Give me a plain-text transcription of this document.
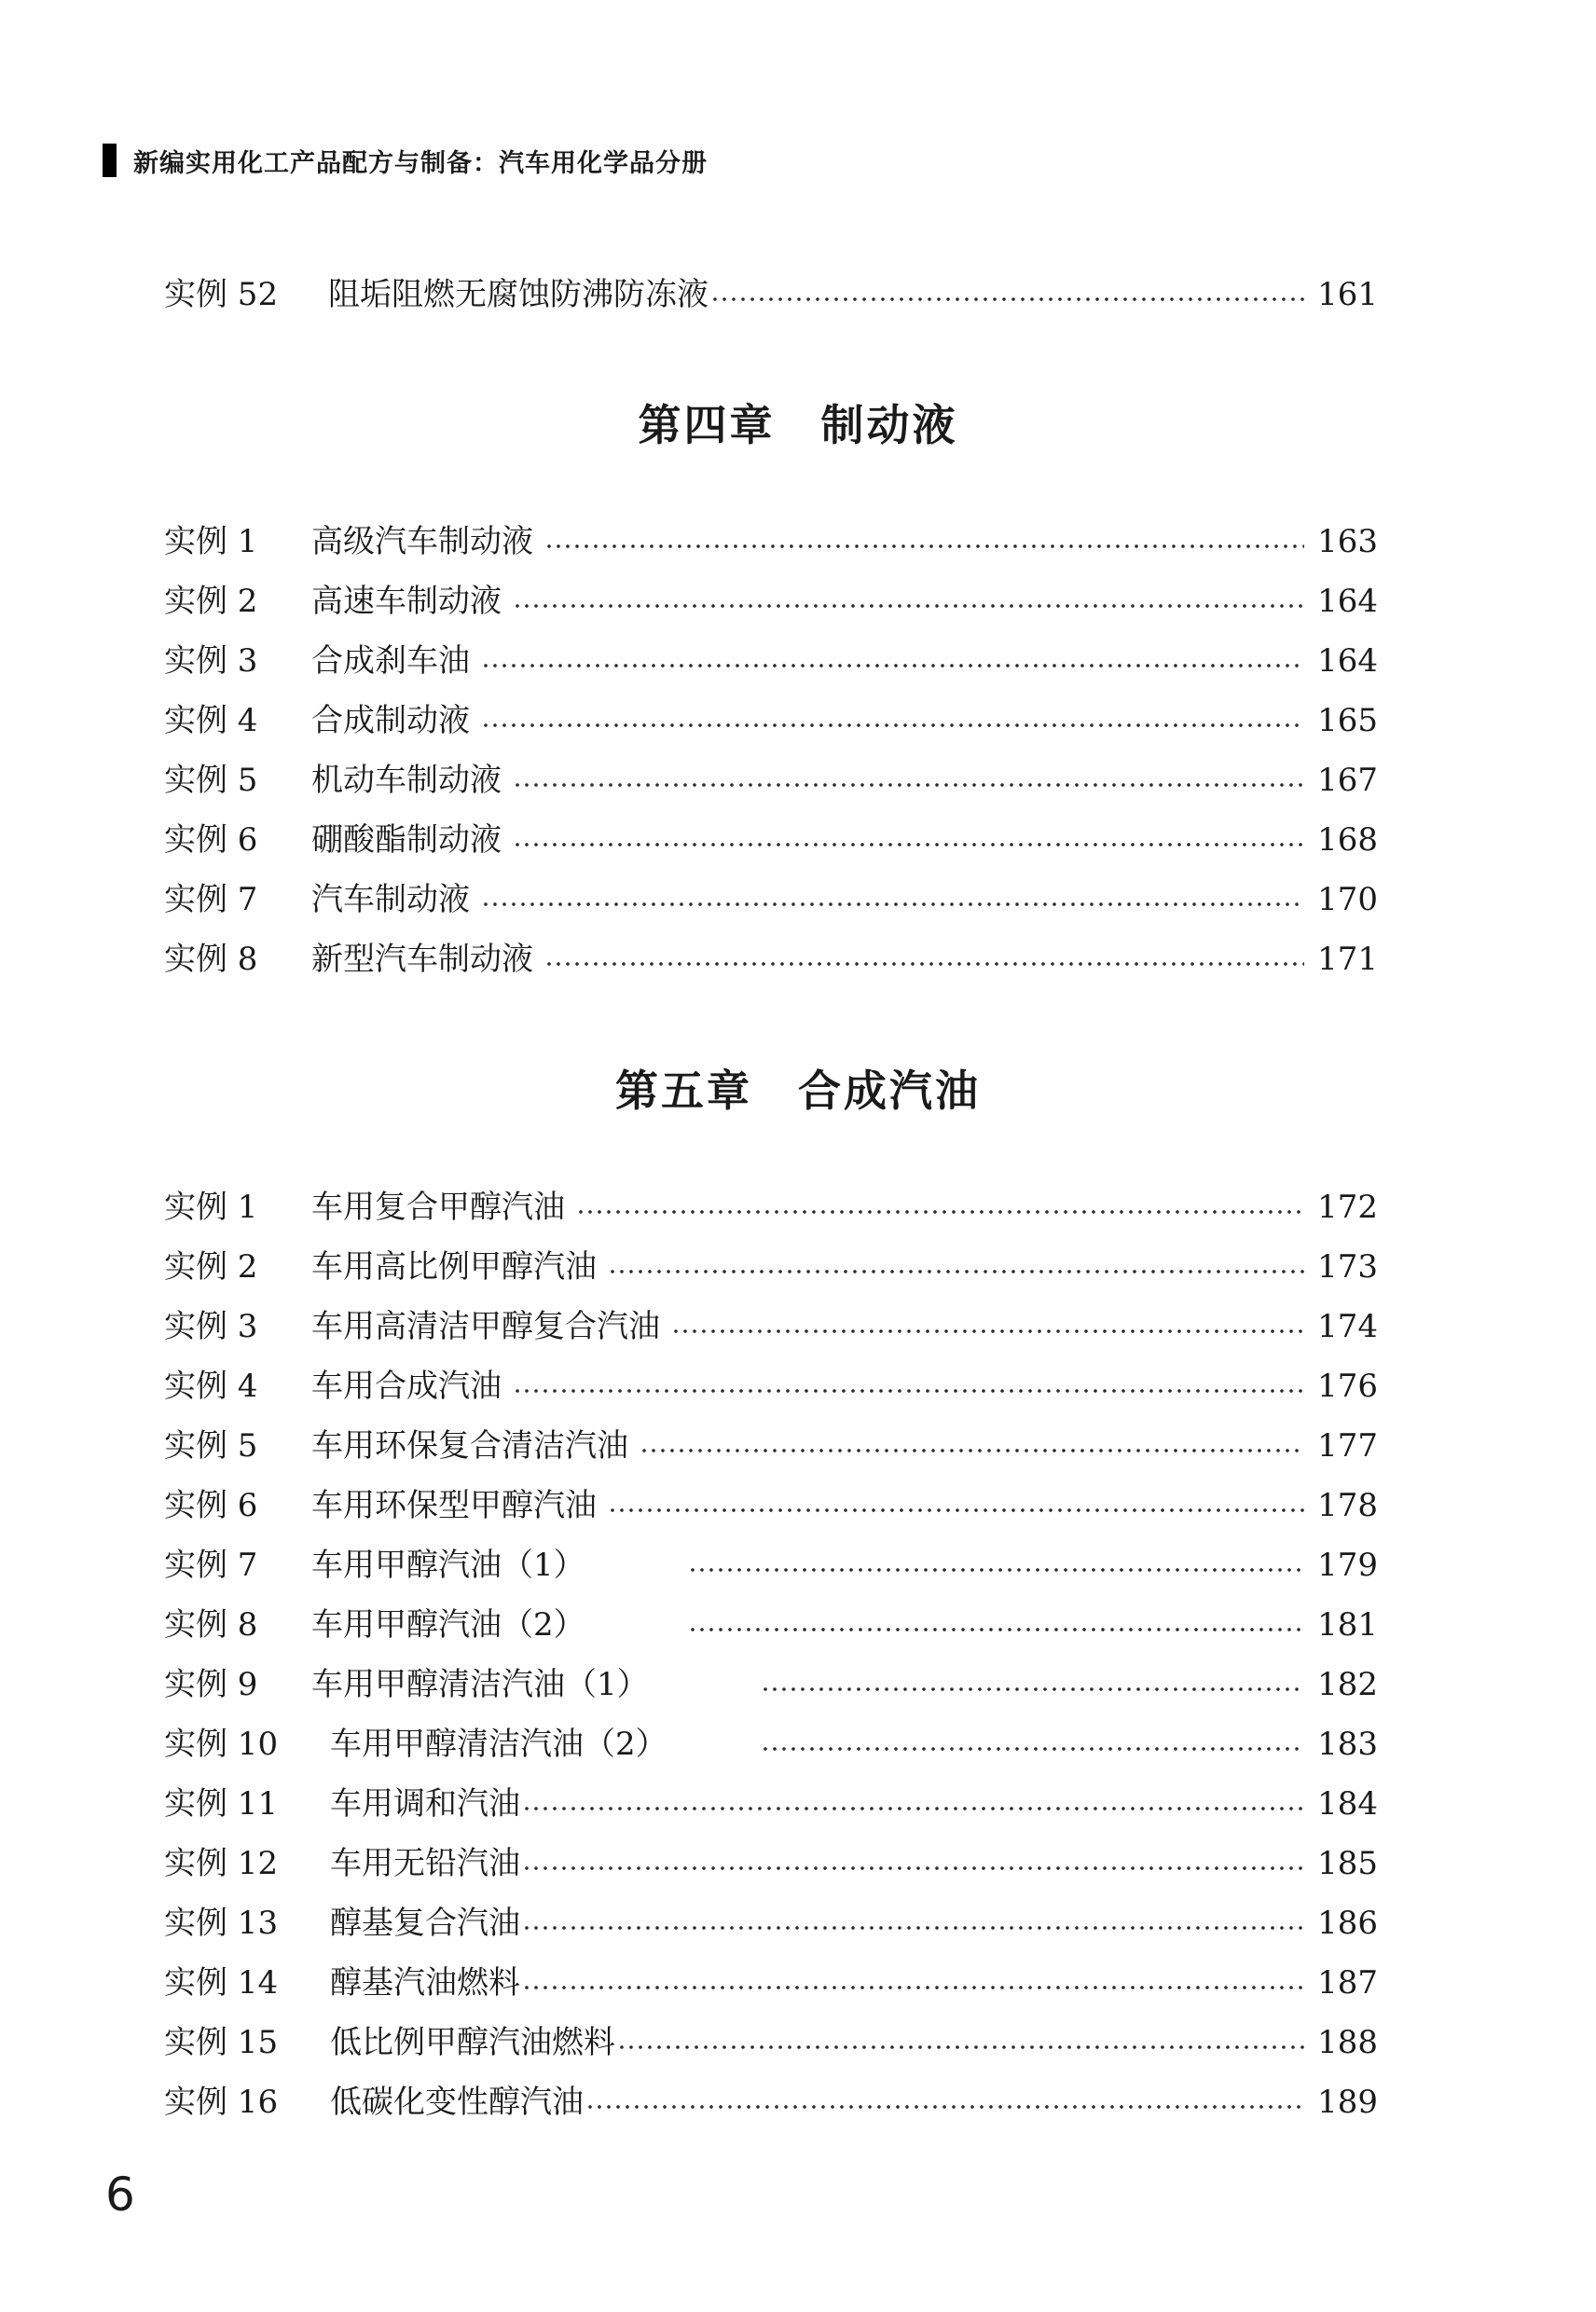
新编实用化工产品配方与制备：汽车用化学品分册
实例 52	阻垢阻燃无腐蚀防沸防冻液	161
第四章　制动液
实例 1	高级汽车制动液	163
实例 2	高速车制动液	164
实例 3	合成刹车油	164
实例 4	合成制动液	165
实例 5	机动车制动液	167
实例 6	硼酸酯制动液	168
实例 7	汽车制动液	170
实例 8	新型汽车制动液	171
第五章　合成汽油
实例 1	车用复合甲醇汽油	172
实例 2	车用高比例甲醇汽油	173
实例 3	车用高清洁甲醇复合汽油	174
实例 4	车用合成汽油	176
实例 5	车用环保复合清洁汽油	177
实例 6	车用环保型甲醇汽油	178
实例 7	车用甲醇汽油（1）	179
实例 8	车用甲醇汽油（2）	181
实例 9	车用甲醇清洁汽油（1）	182
实例 10	车用甲醇清洁汽油（2）	183
实例 11	车用调和汽油	184
实例 12	车用无铅汽油	185
实例 13	醇基复合汽油	186
实例 14	醇基汽油燃料	187
实例 15	低比例甲醇汽油燃料	188
实例 16	低碳化变性醇汽油	189
6
